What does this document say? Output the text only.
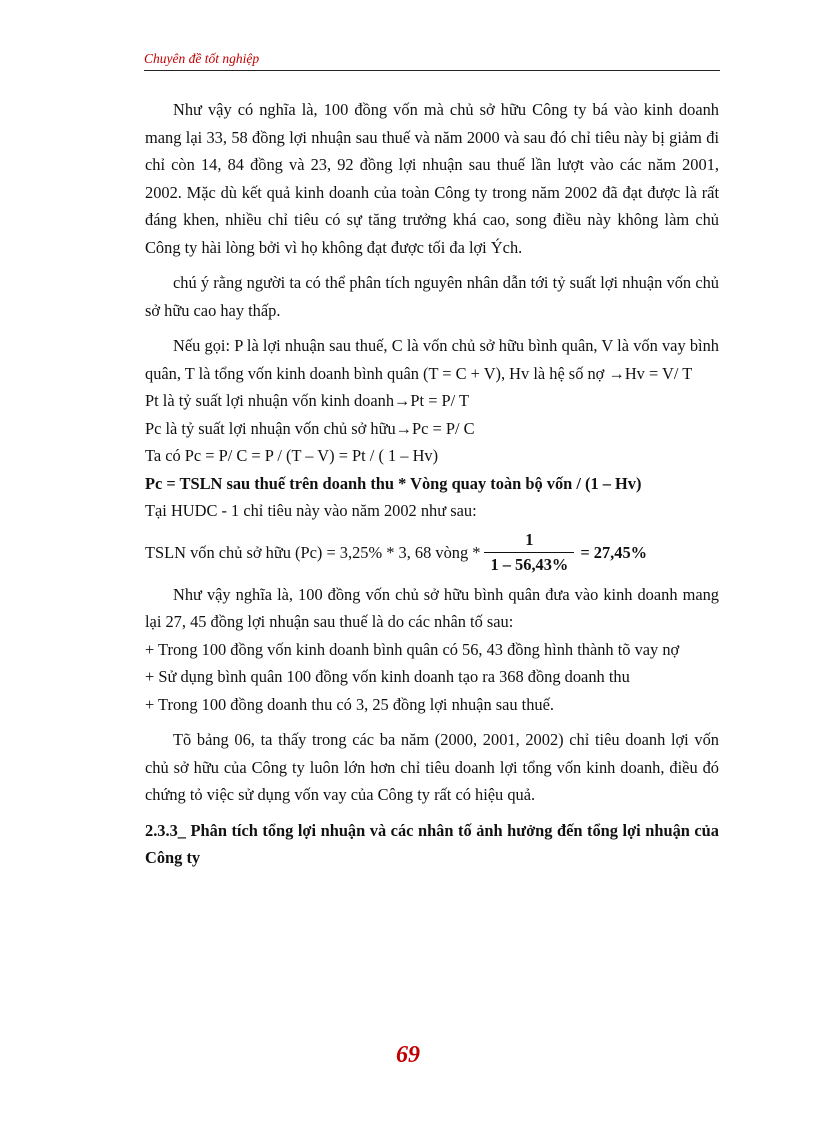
Chuyên đề tốt nghiệp

Như vậy có nghĩa là, 100 đồng vốn mà chủ sở hữu Công ty bá vào kinh doanh mang lại 33, 58 đồng lợi nhuận sau thuế và năm 2000 và sau đó chỉ tiêu này bị giảm đi chỉ còn 14, 84 đồng và 23, 92 đồng lợi nhuận sau thuế lần lượt vào các năm 2001, 2002. Mặc dù kết quả kinh doanh của toàn Công ty trong năm 2002 đã đạt được là rất đáng khen, nhiều chỉ tiêu có sự tăng trưởng khá cao, song điều này không làm chủ Công ty hài lòng bởi vì họ không đạt được tối đa lợi Ých.

chú ý rằng người ta có thể phân tích nguyên nhân dẫn tới tỷ suất lợi nhuận vốn chủ sở hữu cao hay thấp.

Nếu gọi: P là lợi nhuận sau thuế, C là vốn chủ sở hữu bình quân, V là vốn vay bình quân, T là tổng vốn kinh doanh bình quân (T = C + V), Hv là hệ số nợ →Hv = V/ T

Pt là tỷ suất lợi nhuận vốn kinh doanh→Pt = P/ T

Pc là tỷ suất lợi nhuận vốn chủ sở hữu→Pc = P/ C

Ta có Pc = P/ C = P / (T – V) = Pt / ( 1 – Hv)

Pc = TSLN sau thuế trên doanh thu * Vòng quay toàn bộ vốn / (1 – Hv)

Tại HUDC - 1 chỉ tiêu này vào năm 2002 như sau:

TSLN vốn chủ sở hữu (Pc) = 3,25% * 3, 68 vòng * $\frac{1}{1 - 56,43\%} = 27,45\%$

Như vậy nghĩa là, 100 đồng vốn chủ sở hữu bình quân đưa vào kinh doanh mang lại 27, 45 đồng lợi nhuận sau thuế là do các nhân tố sau:

+ Trong 100 đồng vốn kinh doanh bình quân có 56, 43 đồng hình thành tõ vay nợ

+ Sử dụng bình quân 100 đồng vốn kinh doanh tạo ra 368 đồng doanh thu

+ Trong 100 đồng doanh thu có 3, 25 đồng lợi nhuận sau thuế.

Tõ bảng 06, ta thấy trong các ba năm (2000, 2001, 2002) chỉ tiêu doanh lợi vốn chủ sở hữu của Công ty luôn lớn hơn chỉ tiêu doanh lợi tổng vốn kinh doanh, điều đó chứng tỏ việc sử dụng vốn vay của Công ty rất có hiệu quả.

2.3.3_ Phân tích tổng lợi nhuận và các nhân tố ảnh hưởng đến tổng lợi nhuận của Công ty

69
